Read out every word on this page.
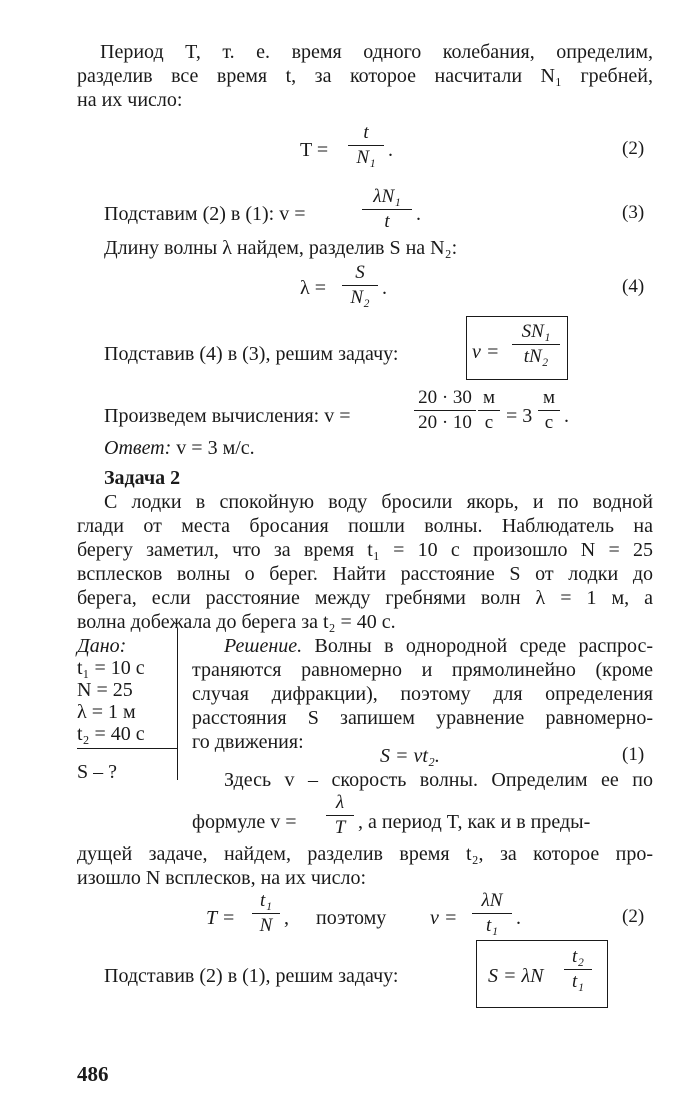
Период T, т. е. время одного колебания, определим,
разделив все время t, за которое насчитали N₁ гребней,
на их число:
T =
t
N₁ .	(2)
Подставим (2) в (1): v =
λN₁
t	.	(3)
Длину волны λ найдем, разделив S на N₂:
λ =
S
N₂ .	(4)
Подставив (4) в (3), решим задачу:	v =
SN₁
tN₂
Произведем вычисления: v =
20 · 30
20 · 10
м
с = 3
м
с .
Ответ: v = 3 м/с.
Задача 2
С лодки в спокойную воду бросили якорь, и по водной
глади от места бросания пошли волны. Наблюдатель на
берегу заметил, что за время t₁ = 10 с произошло N = 25
всплесков волны о берег. Найти расстояние S от лодки до
берега, если расстояние между гребнями волн λ = 1 м, а
волна добежала до берега за t₂ = 40 с.
Дано:
t₁ = 10 с
N = 25
λ = 1 м
t₂ = 40 с
S – ?
Решение. Волны в однородной среде распрос-
траняются равномерно и прямолинейно (кроме
случая дифракции), поэтому для определения
расстояния S запишем уравнение равномерно-
го движения:
S = vt₂.	(1)
Здесь v – скорость волны. Определим ее по
формуле v =
λ
T , а период T, как и в преды-
дущей задаче, найдем, разделив время t₂, за которое про-
изошло N всплесков, на их число:
T =
t₁
N , поэтому v =
λN
t₁ .	(2)
Подставив (2) в (1), решим задачу:	S = λN
t₂
t₁
486
